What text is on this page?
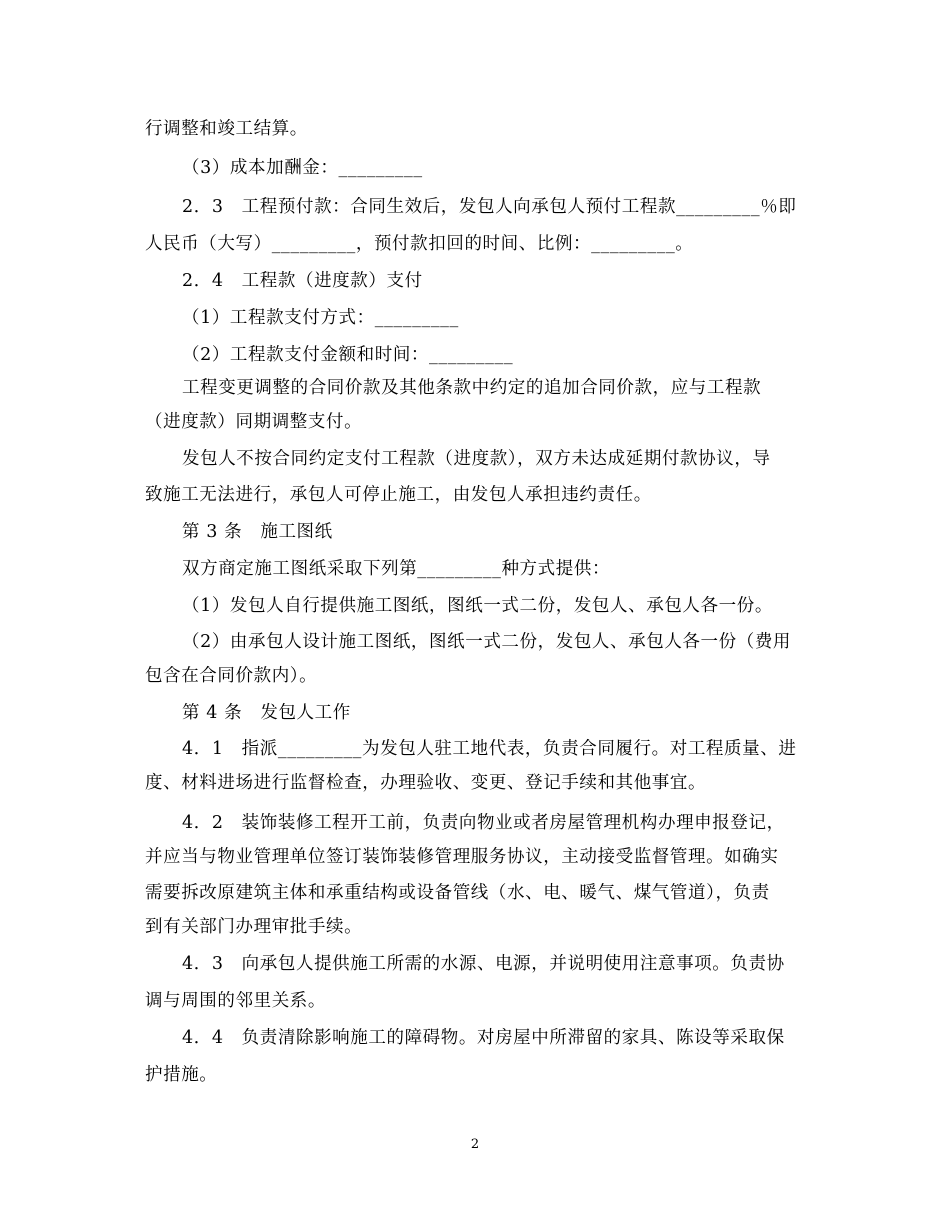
行调整和竣工结算。
（3）成本加酬金：_________
2．3　工程预付款：合同生效后，发包人向承包人预付工程款_________％即
人民币（大写）_________，预付款扣回的时间、比例：_________。
2．4　工程款（进度款）支付
（1）工程款支付方式：_________
（2）工程款支付金额和时间：_________
工程变更调整的合同价款及其他条款中约定的追加合同价款，应与工程款
（进度款）同期调整支付。
发包人不按合同约定支付工程款（进度款），双方未达成延期付款协议，导
致施工无法进行，承包人可停止施工，由发包人承担违约责任。
第 3 条　施工图纸
双方商定施工图纸采取下列第_________种方式提供：
（1）发包人自行提供施工图纸，图纸一式二份，发包人、承包人各一份。
（2）由承包人设计施工图纸，图纸一式二份，发包人、承包人各一份（费用
包含在合同价款内）。
第 4 条　发包人工作
4．1　指派_________为发包人驻工地代表，负责合同履行。对工程质量、进
度、材料进场进行监督检查，办理验收、变更、登记手续和其他事宜。
4．2　装饰装修工程开工前，负责向物业或者房屋管理机构办理申报登记，
并应当与物业管理单位签订装饰装修管理服务协议，主动接受监督管理。如确实
需要拆改原建筑主体和承重结构或设备管线（水、电、暖气、煤气管道），负责
到有关部门办理审批手续。
4．3　向承包人提供施工所需的水源、电源，并说明使用注意事项。负责协
调与周围的邻里关系。
4．4　负责清除影响施工的障碍物。对房屋中所滞留的家具、陈设等采取保
护措施。
2
